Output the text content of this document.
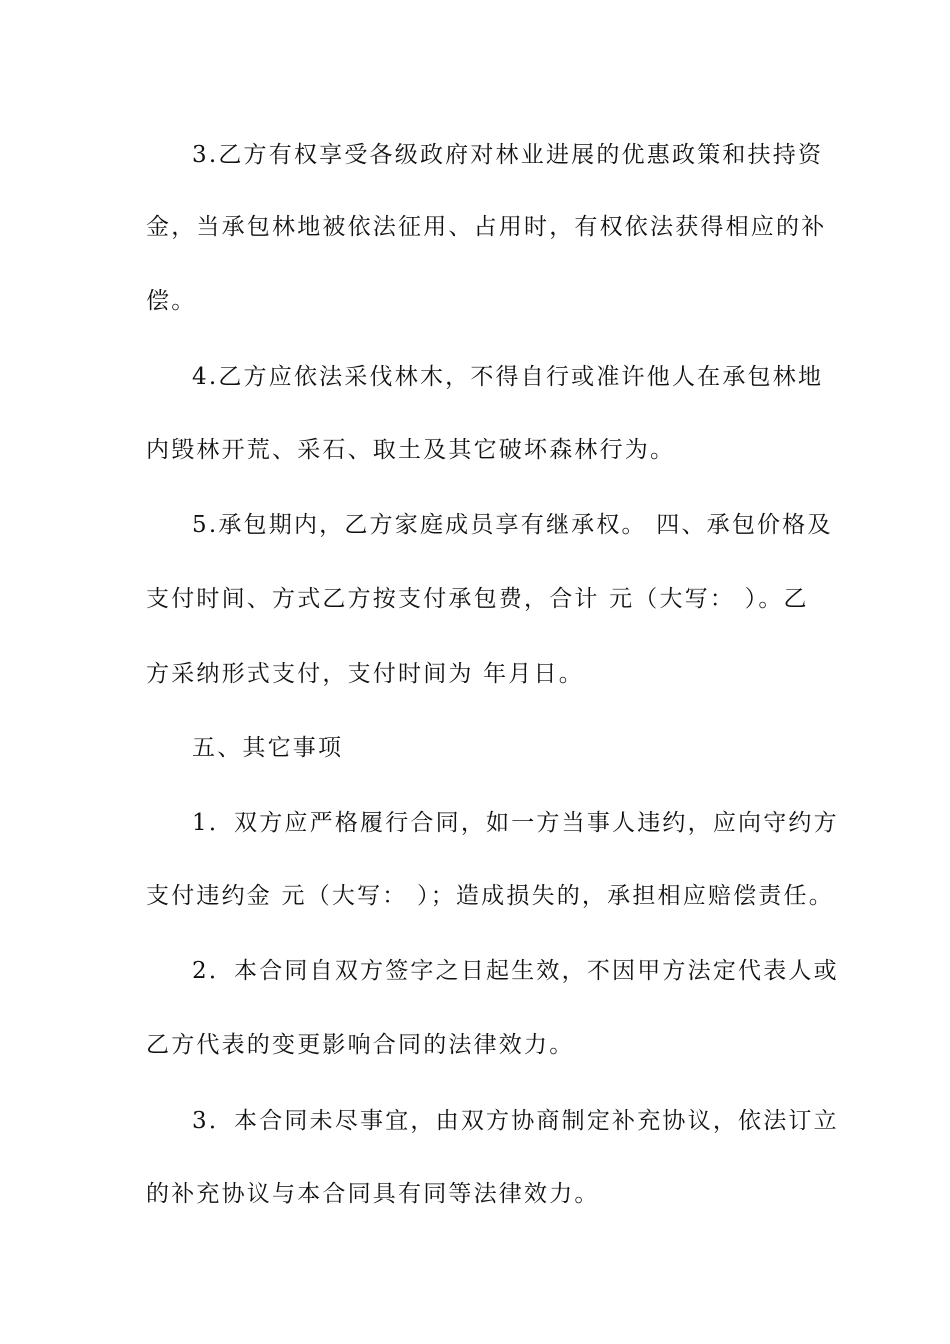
3.乙方有权享受各级政府对林业进展的优惠政策和扶持资
金，当承包林地被依法征用、占用时，有权依法获得相应的补
偿。
4.乙方应依法采伐林木，不得自行或准许他人在承包林地
内毁林开荒、采石、取土及其它破坏森林行为。
5.承包期内，乙方家庭成员享有继承权。 四、承包价格及
支付时间、方式乙方按支付承包费，合计 元（大写： ）。乙
方采纳形式支付，支付时间为 年月日。
五、其它事项
1．双方应严格履行合同，如一方当事人违约，应向守约方
支付违约金 元（大写： ）；造成损失的，承担相应赔偿责任。
2．本合同自双方签字之日起生效，不因甲方法定代表人或
乙方代表的变更影响合同的法律效力。
3．本合同未尽事宜，由双方协商制定补充协议，依法订立
的补充协议与本合同具有同等法律效力。
